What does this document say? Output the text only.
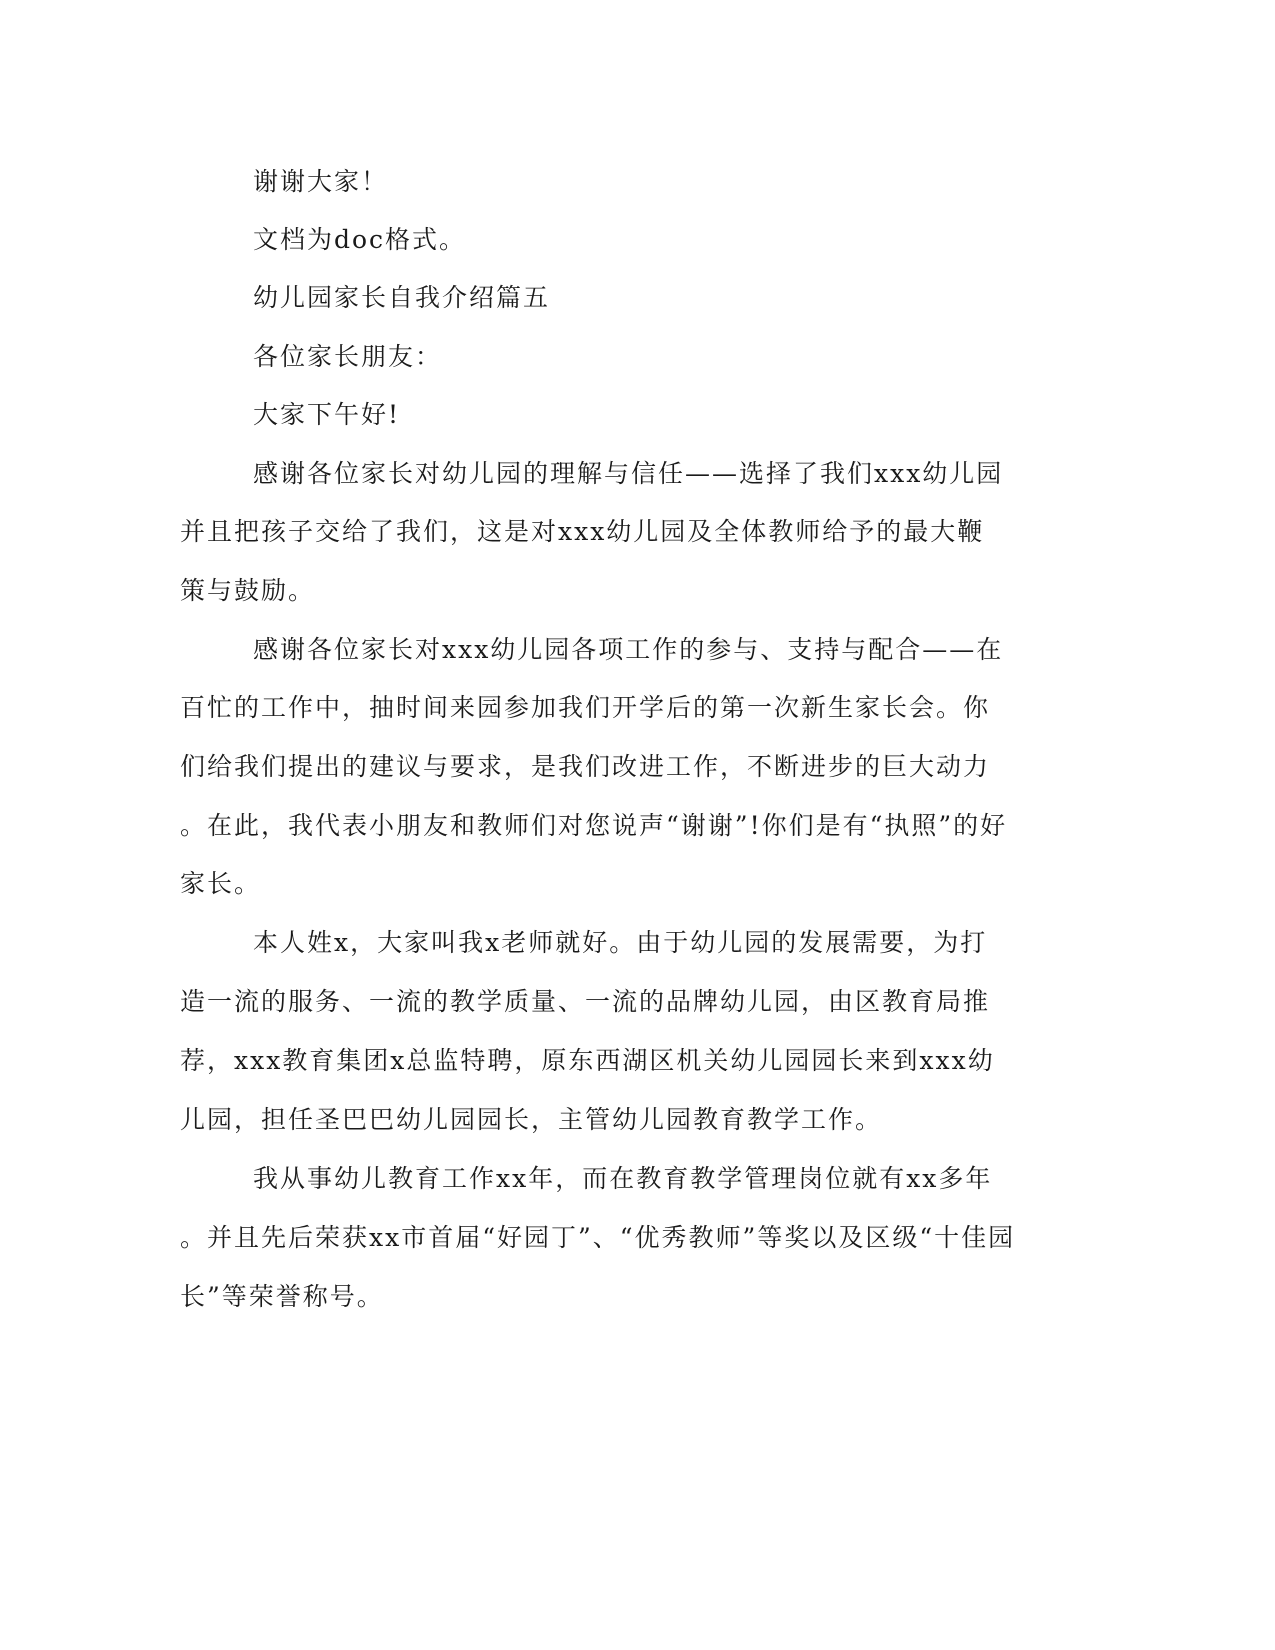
谢谢大家！
文档为doc格式。
幼儿园家长自我介绍篇五
各位家长朋友：
大家下午好!
感谢各位家长对幼儿园的理解与信任——选择了我们xxx幼儿园
并且把孩子交给了我们，这是对xxx幼儿园及全体教师给予的最大鞭
策与鼓励。
感谢各位家长对xxx幼儿园各项工作的参与、支持与配合——在
百忙的工作中，抽时间来园参加我们开学后的第一次新生家长会。你
们给我们提出的建议与要求，是我们改进工作，不断进步的巨大动力
。在此，我代表小朋友和教师们对您说声“谢谢”!你们是有“执照”的好
家长。
本人姓x，大家叫我x老师就好。由于幼儿园的发展需要，为打
造一流的服务、一流的教学质量、一流的品牌幼儿园，由区教育局推
荐，xxx教育集团x总监特聘，原东西湖区机关幼儿园园长来到xxx幼
儿园，担任圣巴巴幼儿园园长，主管幼儿园教育教学工作。
我从事幼儿教育工作xx年，而在教育教学管理岗位就有xx多年
。并且先后荣获xx市首届“好园丁”、“优秀教师”等奖以及区级“十佳园
长”等荣誉称号。
